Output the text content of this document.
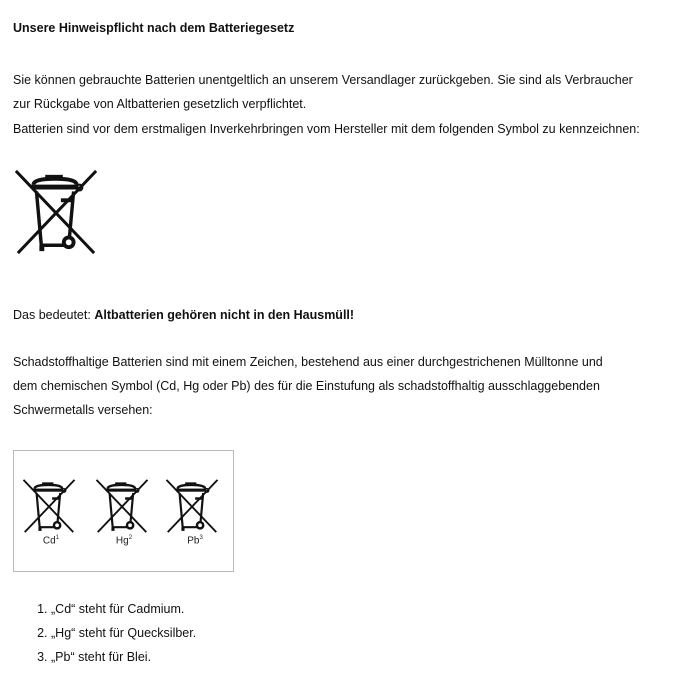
Unsere Hinweispflicht nach dem Batteriegesetz
Sie können gebrauchte Batterien unentgeltlich an unserem Versandlager zurückgeben. Sie sind als Verbraucher
zur Rückgabe von Altbatterien gesetzlich verpflichtet.
Batterien sind vor dem erstmaligen Inverkehrbringen vom Hersteller mit dem folgenden Symbol zu kennzeichnen:
Das bedeutet: Altbatterien gehören nicht in den Hausmüll!
Schadstoffhaltige Batterien sind mit einem Zeichen, bestehend aus einer durchgestrichenen Mülltonne und
dem chemischen Symbol (Cd, Hg oder Pb) des für die Einstufung als schadstoffhaltig ausschlaggebenden
Schwermetalls versehen:
Cd$^1$	Hg$^2$	Pb$^3$
1. „Cd“ steht für Cadmium.
2. „Hg“ steht für Quecksilber.
3. „Pb“ steht für Blei.
